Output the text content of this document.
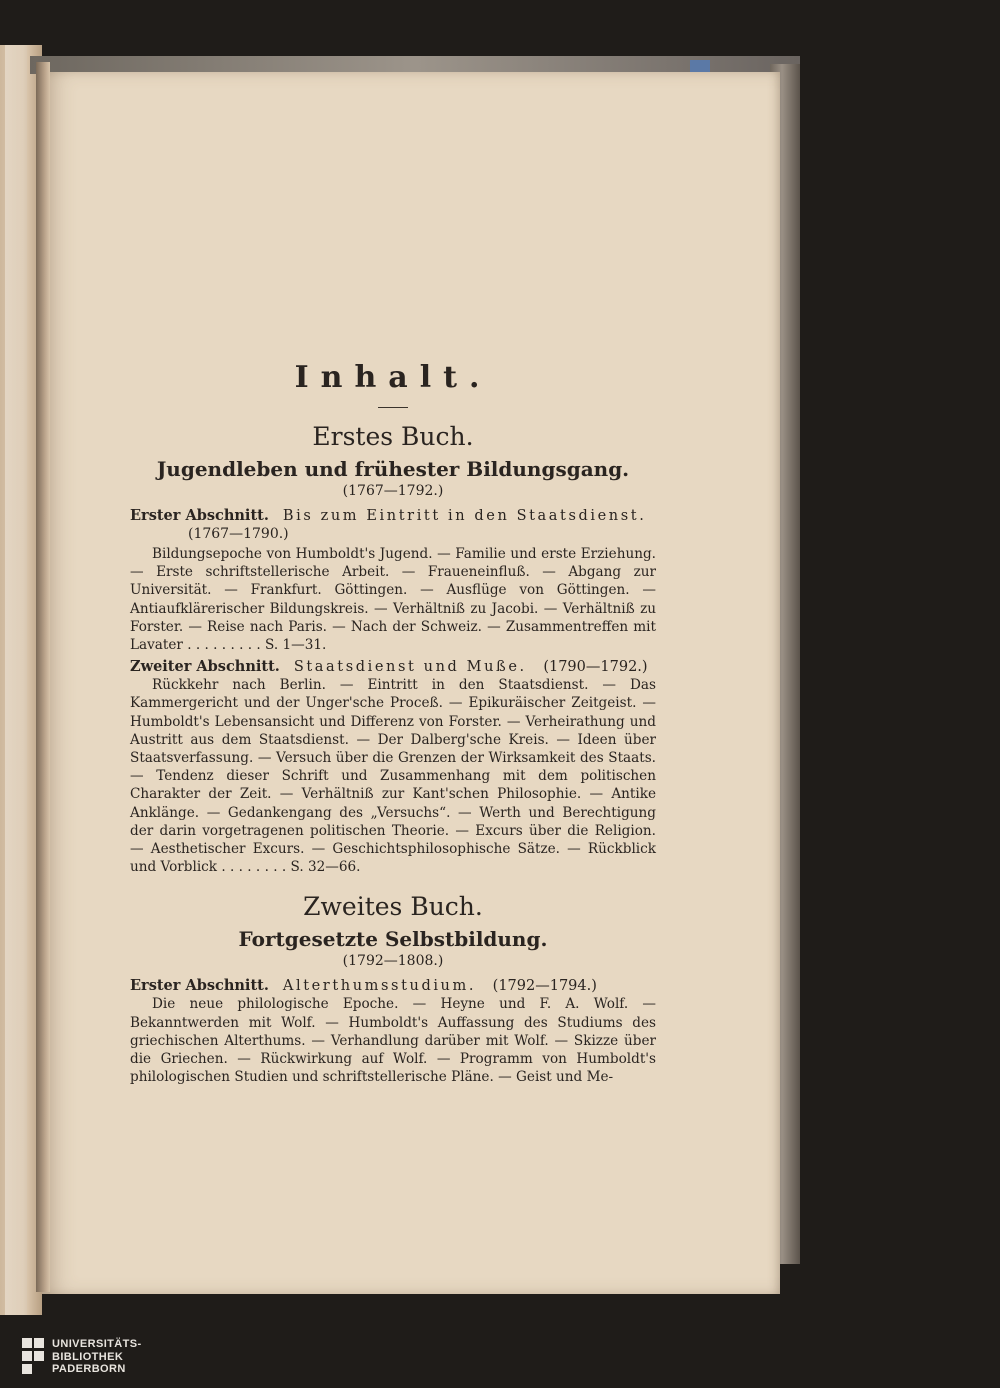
Inhalt.
Erstes Buch.
Jugendleben und frühester Bildungsgang.
(1767—1792.)

Erster Abschnitt. Bis zum Eintritt in den Staatsdienst.

(1767—1790.)

Bildungsepoche von Humboldt's Jugend. — Familie und erste Erziehung. — Erste schriftstellerische Arbeit. — Fraueneinfluß. — Abgang zur Universität. — Frankfurt. Göttingen. — Ausflüge von Göttingen. — Antiaufklärerischer Bildungskreis. — Verhältniß zu Jacobi. — Verhältniß zu Forster. — Reise nach Paris. — Nach der Schweiz. — Zusammentreffen mit Lavater . . . . . . . . . S. 1—31.

Zweiter Abschnitt. Staatsdienst und Muße. (1790—1792.)

Rückkehr nach Berlin. — Eintritt in den Staatsdienst. — Das Kammergericht und der Unger'sche Proceß. — Epikuräischer Zeitgeist. — Humboldt's Lebensansicht und Differenz von Forster. — Verheirathung und Austritt aus dem Staatsdienst. — Der Dalberg'sche Kreis. — Ideen über Staatsverfassung. — Versuch über die Grenzen der Wirksamkeit des Staats. — Tendenz dieser Schrift und Zusammenhang mit dem politischen Charakter der Zeit. — Verhältniß zur Kant'schen Philosophie. — Antike Anklänge. — Gedankengang des „Versuchs“. — Werth und Berechtigung der darin vorgetragenen politischen Theorie. — Excurs über die Religion. — Aesthetischer Excurs. — Geschichtsphilosophische Sätze. — Rückblick und Vorblick . . . . . . . . S. 32—66.

Zweites Buch.
Fortgesetzte Selbstbildung.
(1792—1808.)

Erster Abschnitt. Alterthumsstudium. (1792—1794.)

Die neue philologische Epoche. — Heyne und F. A. Wolf. — Bekanntwerden mit Wolf. — Humboldt's Auffassung des Studiums des griechischen Alterthums. — Verhandlung darüber mit Wolf. — Skizze über die Griechen. — Rückwirkung auf Wolf. — Programm von Humboldt's philologischen Studien und schriftstellerische Pläne. — Geist und Me-

UNIVERSITÄTS-
BIBLIOTHEK
PADERBORN
